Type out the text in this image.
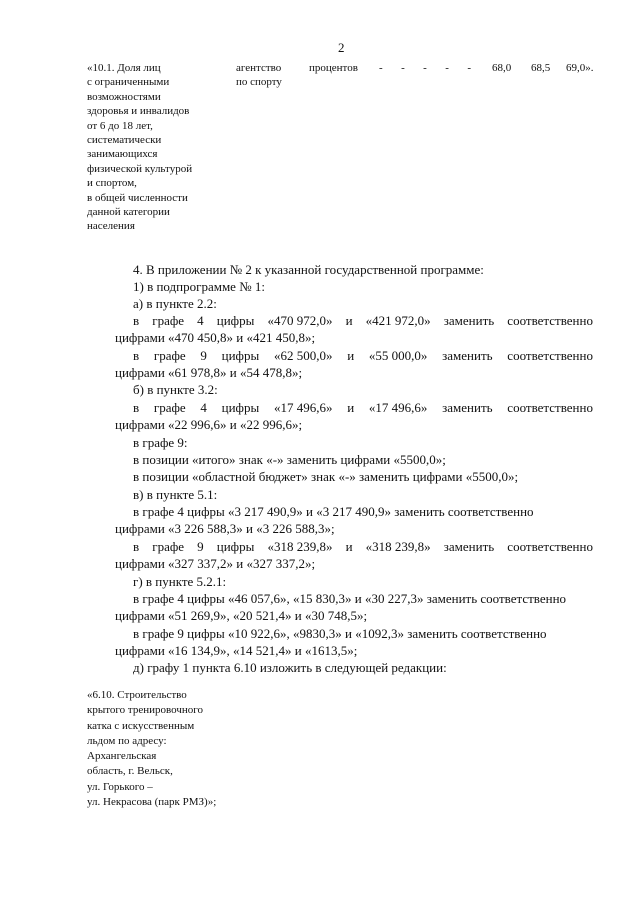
2
«10.1. Доля лиц
с ограниченными
возможностями
здоровья и инвалидов
от 6 до 18 лет,
систематически
занимающихся
физической культурой
и спортом,
в общей численности
данной категории
населения
агентство
по спорту
процентов - - - - - 68,0 68,5 69,0».
4. В приложении № 2 к указанной государственной программе:
1) в подпрограмме № 1:
а) в пункте 2.2:
в графе 4 цифры «470 972,0» и «421 972,0» заменить соответственно
цифрами «470 450,8» и «421 450,8»;
в графе 9 цифры «62 500,0» и «55 000,0» заменить соответственно
цифрами «61 978,8» и «54 478,8»;
б) в пункте 3.2:
в графе 4 цифры «17 496,6» и «17 496,6» заменить соответственно
цифрами «22 996,6» и «22 996,6»;
в графе 9:
в позиции «итого» знак «-» заменить цифрами «5500,0»;
в позиции «областной бюджет» знак «-» заменить цифрами «5500,0»;
в) в пункте 5.1:
в графе 4 цифры «3 217 490,9» и «3 217 490,9» заменить соответственно
цифрами «3 226 588,3» и «3 226 588,3»;
в графе 9 цифры «318 239,8» и «318 239,8» заменить соответственно
цифрами «327 337,2» и «327 337,2»;
г) в пункте 5.2.1:
в графе 4 цифры «46 057,6», «15 830,3» и «30 227,3» заменить соответственно
цифрами «51 269,9», «20 521,4» и «30 748,5»;
в графе 9 цифры «10 922,6», «9830,3» и «1092,3» заменить соответственно
цифрами «16 134,9», «14 521,4» и «1613,5»;
д) графу 1 пункта 6.10 изложить в следующей редакции:
«6.10. Строительство
крытого тренировочного
катка с искусственным
льдом по адресу:
Архангельская
область, г. Вельск,
ул. Горького –
ул. Некрасова (парк РМЗ)»;
